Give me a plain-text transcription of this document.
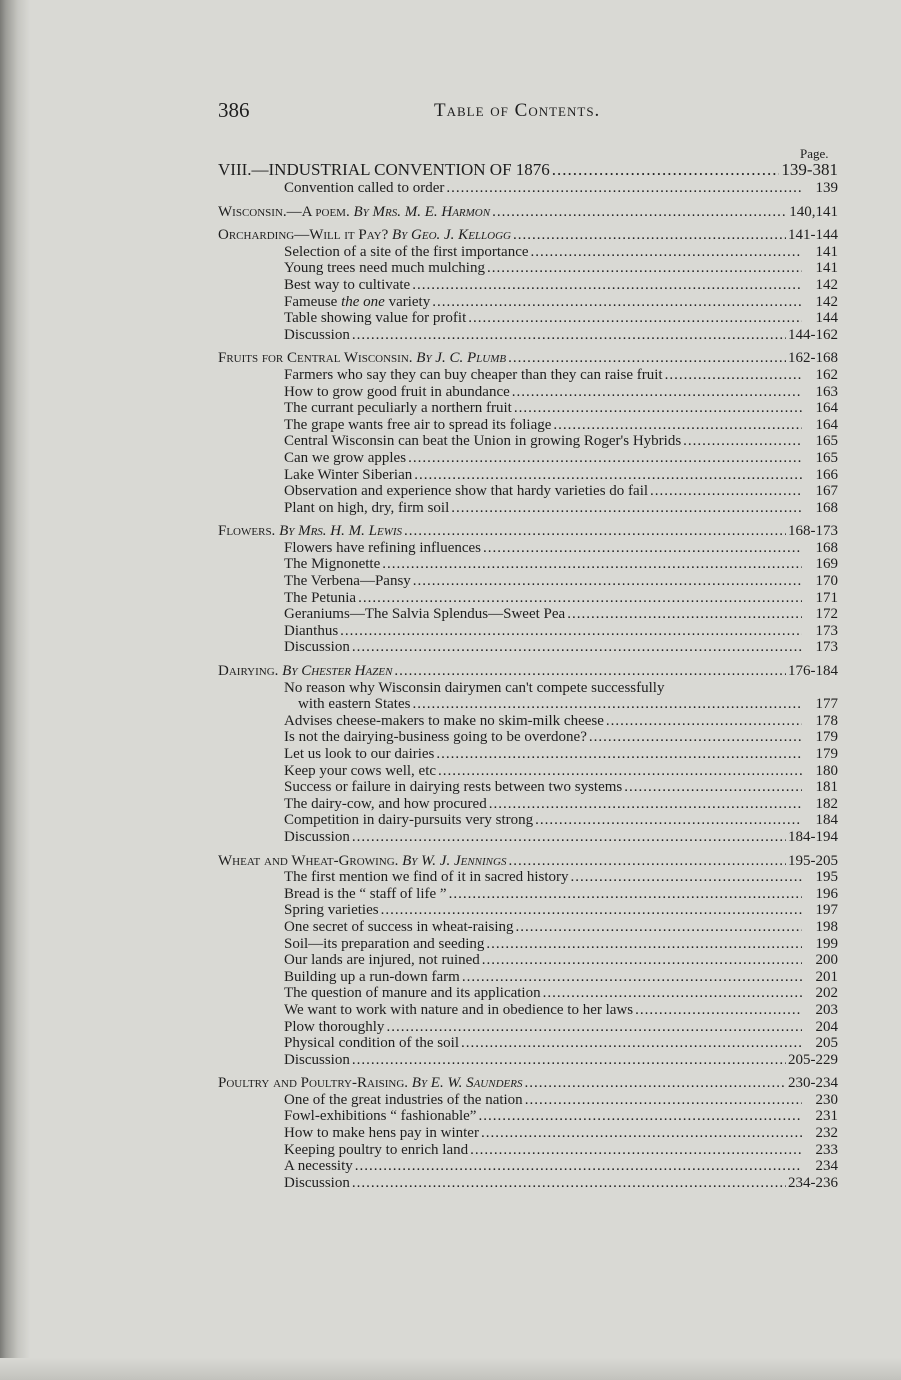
386	Table of Contents.
Page.
VIII.—INDUSTRIAL CONVENTION OF 1876 .....	139-381
Convention called to order .....	139
Wisconsin.—A poem. By Mrs. M. E. Harmon .....	140,141
Orcharding—Will it Pay? By Geo. J. Kellogg .....	141-144
Selection of a site of the first importance .....	141
Young trees need much mulching .....	141
Best way to cultivate .....	142
Fameuse the one variety .....	142
Table showing value for profit .....	144
Discussion .....	144-162
Fruits for Central Wisconsin. By J. C. Plumb .....	162-168
Farmers who say they can buy cheaper than they can raise fruit .....	162
How to grow good fruit in abundance .....	163
The currant peculiarly a northern fruit .....	164
The grape wants free air to spread its foliage .....	164
Central Wisconsin can beat the Union in growing Roger's Hybrids .....	165
Can we grow apples .....	165
Lake Winter Siberian .....	166
Observation and experience show that hardy varieties do fail .....	167
Plant on high, dry, firm soil .....	168
Flowers. By Mrs. H. M. Lewis .....	168-173
Flowers have refining influences .....	168
The Mignonette .....	169
The Verbena—Pansy .....	170
The Petunia .....	171
Geraniums—The Salvia Splendus—Sweet Pea .....	172
Dianthus .....	173
Discussion .....	173
Dairying. By Chester Hazen .....	176-184
No reason why Wisconsin dairymen can't compete successfully
with eastern States .....	177
Advises cheese-makers to make no skim-milk cheese .....	178
Is not the dairying-business going to be overdone? .....	179
Let us look to our dairies .....	179
Keep your cows well, etc .....	180
Success or failure in dairying rests between two systems .....	181
The dairy-cow, and how procured .....	182
Competition in dairy-pursuits very strong .....	184
Discussion .....	184-194
Wheat and Wheat-Growing. By W. J. Jennings .....	195-205
The first mention we find of it in sacred history .....	195
Bread is the “ staff of life ” .....	196
Spring varieties .....	197
One secret of success in wheat-raising .....	198
Soil—its preparation and seeding .....	199
Our lands are injured, not ruined .....	200
Building up a run-down farm .....	201
The question of manure and its application .....	202
We want to work with nature and in obedience to her laws .....	203
Plow thoroughly .....	204
Physical condition of the soil .....	205
Discussion .....	205-229
Poultry and Poultry-Raising. By E. W. Saunders .....	230-234
One of the great industries of the nation .....	230
Fowl-exhibitions “ fashionable” .....	231
How to make hens pay in winter .....	232
Keeping poultry to enrich land .....	233
A necessity .....	234
Discussion .....	234-236
